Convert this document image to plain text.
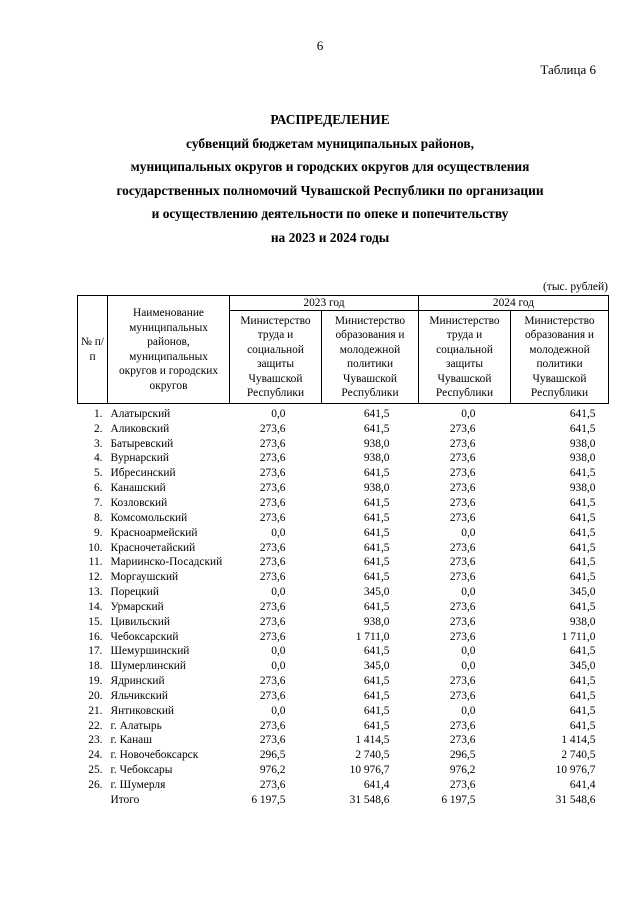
6
Таблица 6
РАСПРЕДЕЛЕНИЕ
субвенций бюджетам муниципальных районов,
муниципальных округов и городских округов для осуществления
государственных полномочий Чувашской Республики по организации
и осуществлению деятельности по опеке и попечительству
на 2023 и 2024 годы
(тыс. рублей)
№ п/п	Наименование муниципальных районов, муниципальных округов и городских округов	2023 год		2024 год	
		Министерство труда и социальной защиты Чувашской Республики	Министерство образования и молодежной политики Чувашской Республики	Министерство труда и социальной защиты Чувашской Республики	Министерство образования и молодежной политики Чувашской Республики
1.	Алатырский	0,0	641,5	0,0	641,5
2.	Аликовский	273,6	641,5	273,6	641,5
3.	Батыревский	273,6	938,0	273,6	938,0
4.	Вурнарский	273,6	938,0	273,6	938,0
5.	Ибресинский	273,6	641,5	273,6	641,5
6.	Канашский	273,6	938,0	273,6	938,0
7.	Козловский	273,6	641,5	273,6	641,5
8.	Комсомольский	273,6	641,5	273,6	641,5
9.	Красноармейский	0,0	641,5	0,0	641,5
10.	Красночетайский	273,6	641,5	273,6	641,5
11.	Мариинско-Посадский	273,6	641,5	273,6	641,5
12.	Моргаушский	273,6	641,5	273,6	641,5
13.	Порецкий	0,0	345,0	0,0	345,0
14.	Урмарский	273,6	641,5	273,6	641,5
15.	Цивильский	273,6	938,0	273,6	938,0
16.	Чебоксарский	273,6	1 711,0	273,6	1 711,0
17.	Шемуршинский	0,0	641,5	0,0	641,5
18.	Шумерлинский	0,0	345,0	0,0	345,0
19.	Ядринский	273,6	641,5	273,6	641,5
20.	Яльчикский	273,6	641,5	273,6	641,5
21.	Янтиковский	0,0	641,5	0,0	641,5
22.	г. Алатырь	273,6	641,5	273,6	641,5
23.	г. Канаш	273,6	1 414,5	273,6	1 414,5
24.	г. Новочебоксарск	296,5	2 740,5	296,5	2 740,5
25.	г. Чебоксары	976,2	10 976,7	976,2	10 976,7
26.	г. Шумерля	273,6	641,4	273,6	641,4
	Итого	6 197,5	31 548,6	6 197,5	31 548,6
